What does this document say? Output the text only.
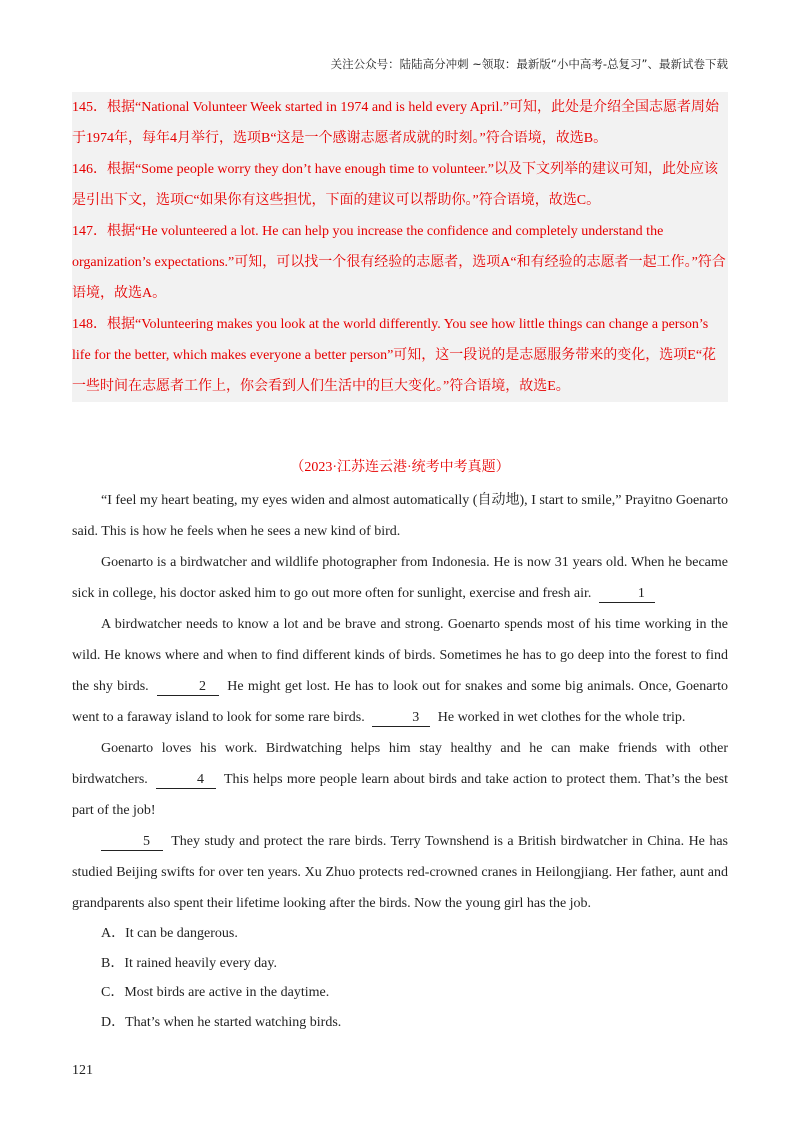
关注公众号：陆陆高分冲刺 ~领取：最新版“小中高考-总复习”、最新试卷下载

145．根据“National Volunteer Week started in 1974 and is held every April.”可知，此处是介绍全国志愿者周始于1974年，每年4月举行，选项B“这是一个感谢志愿者成就的时刻。”符合语境，故选B。

146．根据“Some people worry they don’t have enough time to volunteer.”以及下文列举的建议可知，此处应该是引出下文，选项C“如果你有这些担忧，下面的建议可以帮助你。”符合语境，故选C。

147．根据“He volunteered a lot. He can help you increase the confidence and completely understand the organization’s expectations.”可知，可以找一个很有经验的志愿者，选项A“和有经验的志愿者一起工作。”符合语境，故选A。

148．根据“Volunteering makes you look at the world differently. You see how little things can change a person’s life for the better, which makes everyone a better person”可知，这一段说的是志愿服务带来的变化，选项E“花一些时间在志愿者工作上，你会看到人们生活中的巨大变化。”符合语境，故选E。

（2023·江苏连云港·统考中考真题）

“I feel my heart beating, my eyes widen and almost automatically (自动地), I start to smile,” Prayitno Goenarto said. This is how he feels when he sees a new kind of bird.

Goenarto is a birdwatcher and wildlife photographer from Indonesia. He is now 31 years old. When he became sick in college, his doctor asked him to go out more often for sunlight, exercise and fresh air.	1

A birdwatcher needs to know a lot and be brave and strong. Goenarto spends most of his time working in the wild. He knows where and when to find different kinds of birds. Sometimes he has to go deep into the forest to find the shy birds.	2 He might get lost. He has to look out for snakes and some big animals. Once, Goenarto went to a faraway island to look for some rare birds.	3 He worked in wet clothes for the whole trip.

Goenarto loves his work. Birdwatching helps him stay healthy and he can make friends with other birdwatchers.	4 This helps more people learn about birds and take action to protect them. That’s the best part of the job!

5 They study and protect the rare birds. Terry Townshend is a British birdwatcher in China. He has studied Beijing swifts for over ten years. Xu Zhuo protects red-crowned cranes in Heilongjiang. Her father, aunt and grandparents also spent their lifetime looking after the birds. Now the young girl has the job.

A．It can be dangerous.
B．It rained heavily every day.
C．Most birds are active in the daytime.
D．That’s when he started watching birds.
121
